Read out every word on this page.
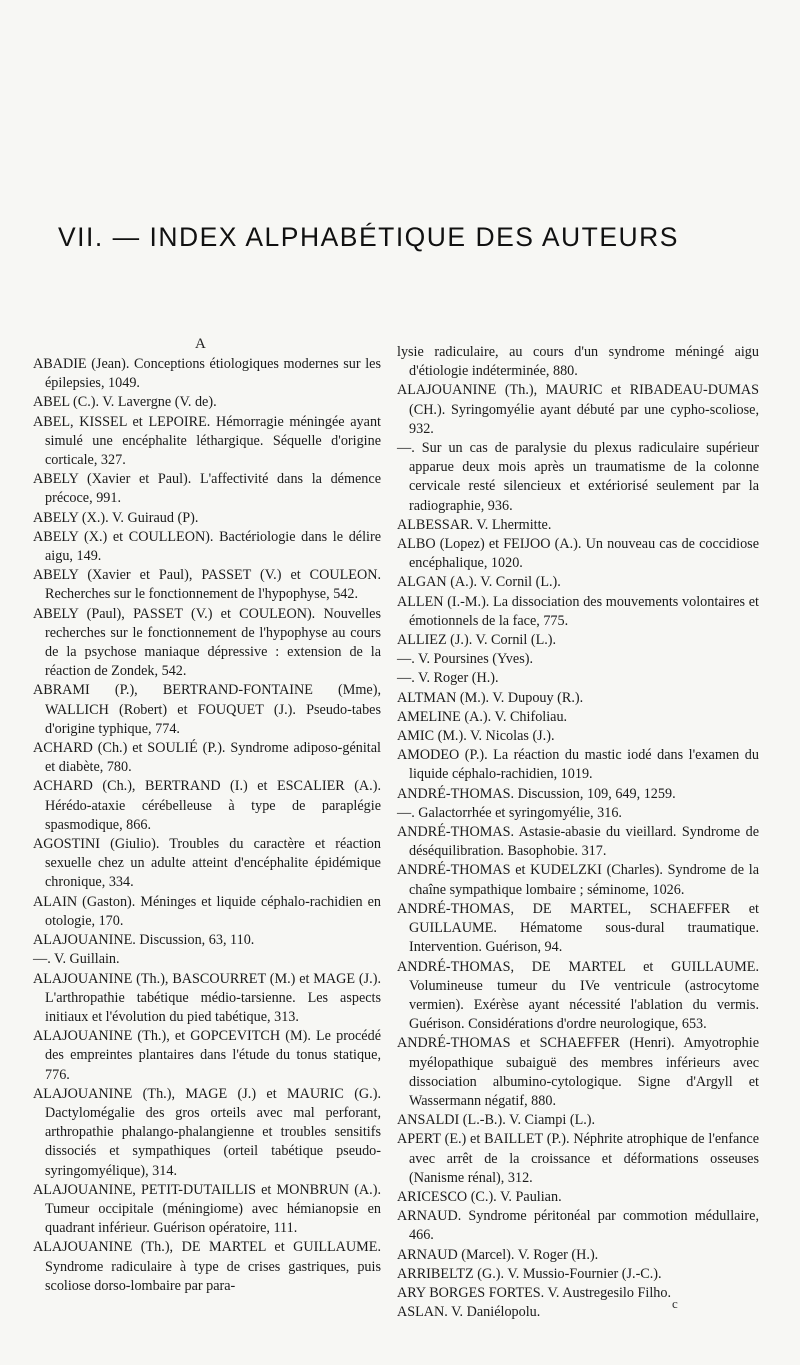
VII. — INDEX ALPHABÉTIQUE DES AUTEURS
A

ABADIE (Jean). Conceptions étiologiques modernes sur les épilepsies, 1049.

ABEL (C.). V. Lavergne (V. de).

ABEL, KISSEL et LEPOIRE. Hémorragie méningée ayant simulé une encéphalite léthargique. Séquelle d'origine corticale, 327.

ABELY (Xavier et Paul). L'affectivité dans la démence précoce, 991.

ABELY (X.). V. Guiraud (P).

ABELY (X.) et COULLEON). Bactériologie dans le délire aigu, 149.

ABELY (Xavier et Paul), PASSET (V.) et COULEON. Recherches sur le fonctionnement de l'hypophyse, 542.

ABELY (Paul), PASSET (V.) et COULEON). Nouvelles recherches sur le fonctionnement de l'hypophyse au cours de la psychose maniaque dépressive : extension de la réaction de Zondek, 542.

ABRAMI (P.), BERTRAND-FONTAINE (Mme), WALLICH (Robert) et FOUQUET (J.). Pseudo-tabes d'origine typhique, 774.

ACHARD (Ch.) et SOULIÉ (P.). Syndrome adiposo-génital et diabète, 780.

ACHARD (Ch.), BERTRAND (I.) et ESCALIER (A.). Hérédo-ataxie cérébelleuse à type de paraplégie spasmodique, 866.

AGOSTINI (Giulio). Troubles du caractère et réaction sexuelle chez un adulte atteint d'encéphalite épidémique chronique, 334.

ALAIN (Gaston). Méninges et liquide céphalo-rachidien en otologie, 170.

ALAJOUANINE. Discussion, 63, 110.

—. V. Guillain.

ALAJOUANINE (Th.), BASCOURRET (M.) et MAGE (J.). L'arthropathie tabétique médio-tarsienne. Les aspects initiaux et l'évolution du pied tabétique, 313.

ALAJOUANINE (Th.), et GOPCEVITCH (M). Le procédé des empreintes plantaires dans l'étude du tonus statique, 776.

ALAJOUANINE (Th.), MAGE (J.) et MAURIC (G.). Dactylomégalie des gros orteils avec mal perforant, arthropathie phalango-phalangienne et troubles sensitifs dissociés et sympathiques (orteil tabétique pseudo-syringomyélique), 314.

ALAJOUANINE, PETIT-DUTAILLIS et MONBRUN (A.). Tumeur occipitale (méningiome) avec hémianopsie en quadrant inférieur. Guérison opératoire, 111.

ALAJOUANINE (Th.), DE MARTEL et GUILLAUME. Syndrome radiculaire à type de crises gastriques, puis scoliose dorso-lombaire par para-

lysie radiculaire, au cours d'un syndrome méningé aigu d'étiologie indéterminée, 880.

ALAJOUANINE (Th.), MAURIC et RIBADEAU-DUMAS (CH.). Syringomyélie ayant débuté par une cypho-scoliose, 932.

—. Sur un cas de paralysie du plexus radiculaire supérieur apparue deux mois après un traumatisme de la colonne cervicale resté silencieux et extériorisé seulement par la radiographie, 936.

ALBESSAR. V. Lhermitte.

ALBO (Lopez) et FEIJOO (A.). Un nouveau cas de coccidiose encéphalique, 1020.

ALGAN (A.). V. Cornil (L.).

ALLEN (I.-M.). La dissociation des mouvements volontaires et émotionnels de la face, 775.

ALLIEZ (J.). V. Cornil (L.).

—. V. Poursines (Yves).

—. V. Roger (H.).

ALTMAN (M.). V. Dupouy (R.).

AMELINE (A.). V. Chifoliau.

AMIC (M.). V. Nicolas (J.).

AMODEO (P.). La réaction du mastic iodé dans l'examen du liquide céphalo-rachidien, 1019.

ANDRÉ-THOMAS. Discussion, 109, 649, 1259.

—. Galactorrhée et syringomyélie, 316.

ANDRÉ-THOMAS. Astasie-abasie du vieillard. Syndrome de déséquilibration. Basophobie. 317.

ANDRÉ-THOMAS et KUDELZKI (Charles). Syndrome de la chaîne sympathique lombaire ; séminome, 1026.

ANDRÉ-THOMAS, DE MARTEL, SCHAEFFER et GUILLAUME. Hématome sous-dural traumatique. Intervention. Guérison, 94.

ANDRÉ-THOMAS, DE MARTEL et GUILLAUME. Volumineuse tumeur du IVe ventricule (astrocytome vermien). Exérèse ayant nécessité l'ablation du vermis. Guérison. Considérations d'ordre neurologique, 653.

ANDRÉ-THOMAS et SCHAEFFER (Henri). Amyotrophie myélopathique subaiguë des membres inférieurs avec dissociation albumino-cytologique. Signe d'Argyll et Wassermann négatif, 880.

ANSALDI (L.-B.). V. Ciampi (L.).

APERT (E.) et BAILLET (P.). Néphrite atrophique de l'enfance avec arrêt de la croissance et déformations osseuses (Nanisme rénal), 312.

ARICESCO (C.). V. Paulian.

ARNAUD. Syndrome péritonéal par commotion médullaire, 466.

ARNAUD (Marcel). V. Roger (H.).

ARRIBELTZ (G.). V. Mussio-Fournier (J.-C.).

ARY BORGES FORTES. V. Austregesilo Filho.

ASLAN. V. Daniélopolu.

c
